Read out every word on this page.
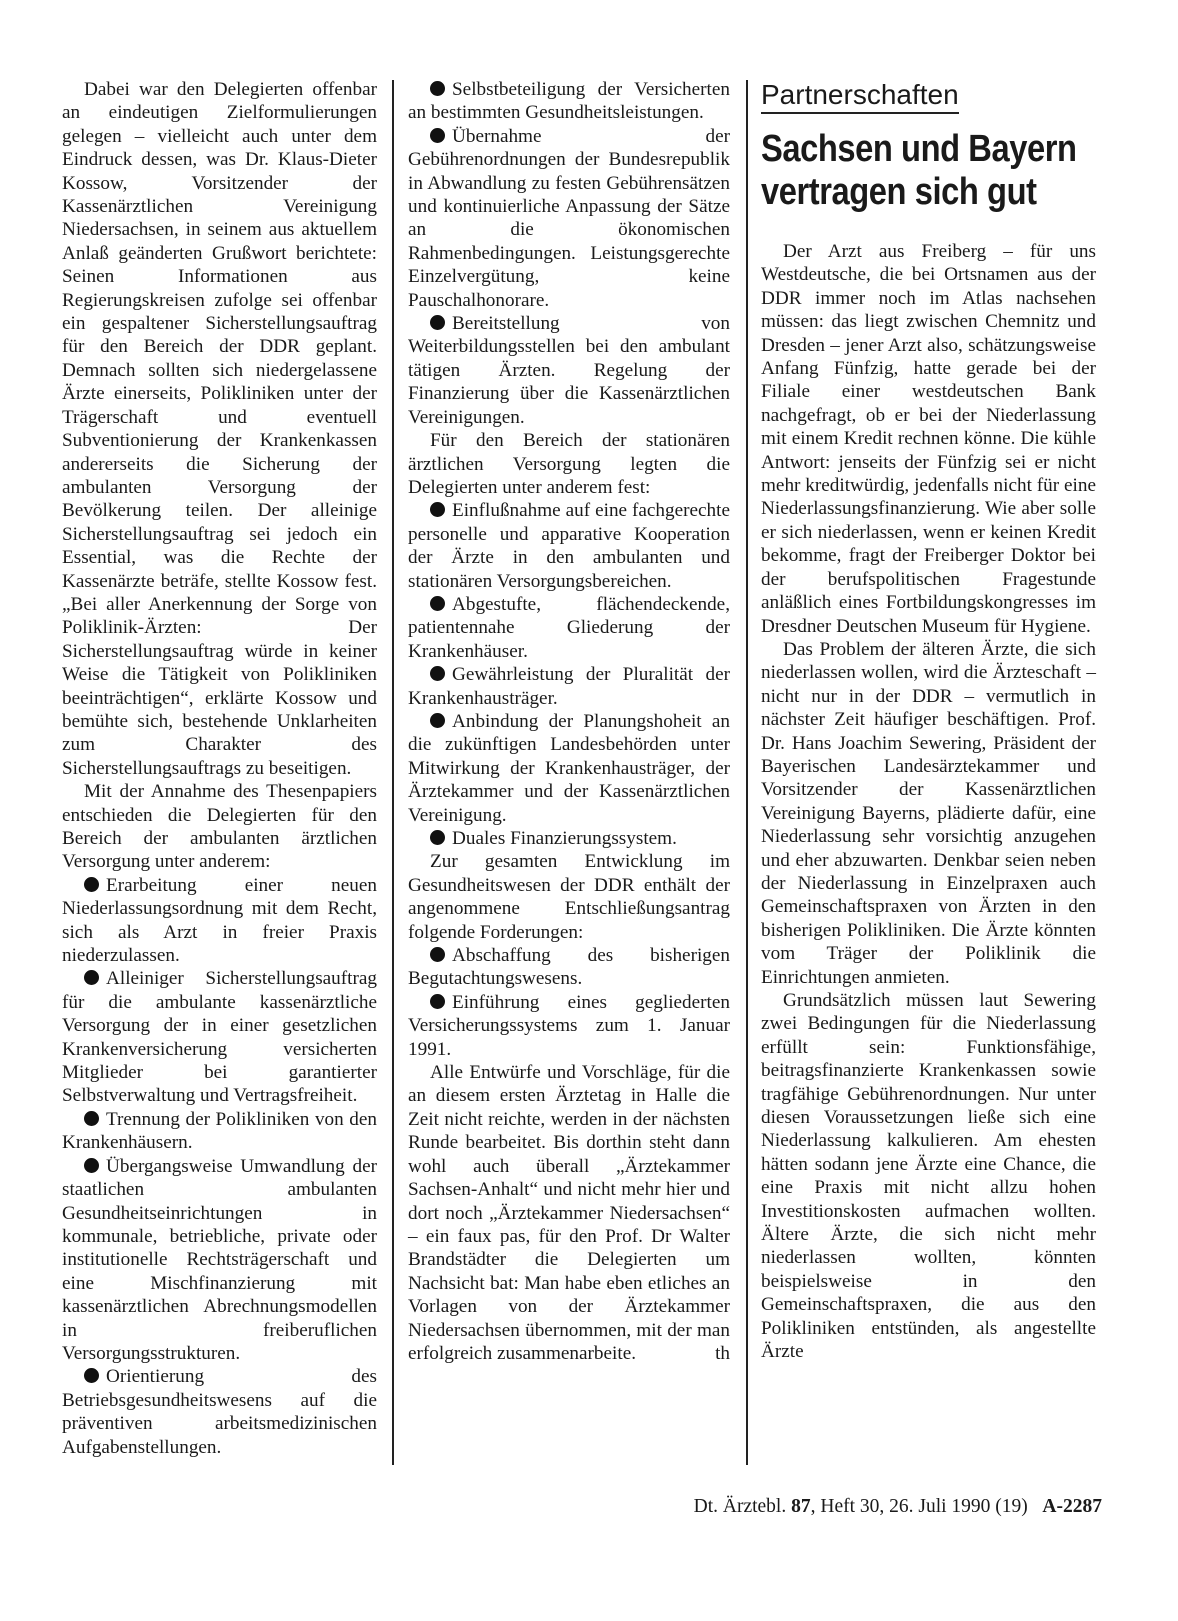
Dabei war den Delegierten offenbar an eindeutigen Zielformulierungen gelegen – vielleicht auch unter dem Eindruck dessen, was Dr. Klaus-Dieter Kossow, Vorsitzender der Kassenärztlichen Vereinigung Niedersachsen, in seinem aus aktuellem Anlaß geänderten Grußwort berichtete: Seinen Informationen aus Regierungskreisen zufolge sei offenbar ein gespaltener Sicherstellungsauftrag für den Bereich der DDR geplant. Demnach sollten sich niedergelassene Ärzte einerseits, Polikliniken unter der Trägerschaft und eventuell Subventionierung der Krankenkassen andererseits die Sicherung der ambulanten Versorgung der Bevölkerung teilen. Der alleinige Sicherstellungsauftrag sei jedoch ein Essential, was die Rechte der Kassenärzte beträfe, stellte Kossow fest. „Bei aller Anerkennung der Sorge von Poliklinik-Ärzten: Der Sicherstellungsauftrag würde in keiner Weise die Tätigkeit von Polikliniken beeinträchtigen“, erklärte Kossow und bemühte sich, bestehende Unklarheiten zum Charakter des Sicherstellungsauftrags zu beseitigen.

Mit der Annahme des Thesenpapiers entschieden die Delegierten für den Bereich der ambulanten ärztlichen Versorgung unter anderem:

Erarbeitung einer neuen Niederlassungsordnung mit dem Recht, sich als Arzt in freier Praxis niederzulassen.

Alleiniger Sicherstellungsauftrag für die ambulante kassenärztliche Versorgung der in einer gesetzlichen Krankenversicherung versicherten Mitglieder bei garantierter Selbstverwaltung und Vertragsfreiheit.

Trennung der Polikliniken von den Krankenhäusern.

Übergangsweise Umwandlung der staatlichen ambulanten Gesundheitseinrichtungen in kommunale, betriebliche, private oder institutionelle Rechtsträgerschaft und eine Mischfinanzierung mit kassenärztlichen Abrechnungsmodellen in freiberuflichen Versorgungsstrukturen.

Orientierung des Betriebsgesundheitswesens auf die präventiven arbeitsmedizinischen Aufgabenstellungen.

Selbstbeteiligung der Versicherten an bestimmten Gesundheitsleistungen.

Übernahme der Gebührenordnungen der Bundesrepublik in Abwandlung zu festen Gebührensätzen und kontinuierliche Anpassung der Sätze an die ökonomischen Rahmenbedingungen. Leistungsgerechte Einzelvergütung, keine Pauschalhonorare.

Bereitstellung von Weiterbildungsstellen bei den ambulant tätigen Ärzten. Regelung der Finanzierung über die Kassenärztlichen Vereinigungen.

Für den Bereich der stationären ärztlichen Versorgung legten die Delegierten unter anderem fest:

Einflußnahme auf eine fachgerechte personelle und apparative Kooperation der Ärzte in den ambulanten und stationären Versorgungsbereichen.

Abgestufte, flächendeckende, patientennahe Gliederung der Krankenhäuser.

Gewährleistung der Pluralität der Krankenhausträger.

Anbindung der Planungshoheit an die zukünftigen Landesbehörden unter Mitwirkung der Krankenhausträger, der Ärztekammer und der Kassenärztlichen Vereinigung.

Duales Finanzierungssystem.

Zur gesamten Entwicklung im Gesundheitswesen der DDR enthält der angenommene Entschließungsantrag folgende Forderungen:

Abschaffung des bisherigen Begutachtungswesens.

Einführung eines gegliederten Versicherungssystems zum 1. Januar 1991.

Alle Entwürfe und Vorschläge, für die an diesem ersten Ärztetag in Halle die Zeit nicht reichte, werden in der nächsten Runde bearbeitet. Bis dorthin steht dann wohl auch überall „Ärztekammer Sachsen-Anhalt“ und nicht mehr hier und dort noch „Ärztekammer Niedersachsen“ – ein faux pas, für den Prof. Dr Walter Brandstädter die Delegierten um Nachsicht bat: Man habe eben etliches an Vorlagen von der Ärztekammer Niedersachsen übernommen, mit der man erfolgreich zusammenarbeite.	th

Partnerschaften
Sachsen und Bayern vertragen sich gut

Der Arzt aus Freiberg – für uns Westdeutsche, die bei Ortsnamen aus der DDR immer noch im Atlas nachsehen müssen: das liegt zwischen Chemnitz und Dresden – jener Arzt also, schätzungsweise Anfang Fünfzig, hatte gerade bei der Filiale einer westdeutschen Bank nachgefragt, ob er bei der Niederlassung mit einem Kredit rechnen könne. Die kühle Antwort: jenseits der Fünfzig sei er nicht mehr kreditwürdig, jedenfalls nicht für eine Niederlassungsfinanzierung. Wie aber solle er sich niederlassen, wenn er keinen Kredit bekomme, fragt der Freiberger Doktor bei der berufspolitischen Fragestunde anläßlich eines Fortbildungskongresses im Dresdner Deutschen Museum für Hygiene.

Das Problem der älteren Ärzte, die sich niederlassen wollen, wird die Ärzteschaft – nicht nur in der DDR – vermutlich in nächster Zeit häufiger beschäftigen. Prof. Dr. Hans Joachim Sewering, Präsident der Bayerischen Landesärztekammer und Vorsitzender der Kassenärztlichen Vereinigung Bayerns, plädierte dafür, eine Niederlassung sehr vorsichtig anzugehen und eher abzuwarten. Denkbar seien neben der Niederlassung in Einzelpraxen auch Gemeinschaftspraxen von Ärzten in den bisherigen Polikliniken. Die Ärzte könnten vom Träger der Poliklinik die Einrichtungen anmieten.

Grundsätzlich müssen laut Sewering zwei Bedingungen für die Niederlassung erfüllt sein: Funktionsfähige, beitragsfinanzierte Krankenkassen sowie tragfähige Gebührenordnungen. Nur unter diesen Voraussetzungen ließe sich eine Niederlassung kalkulieren. Am ehesten hätten sodann jene Ärzte eine Chance, die eine Praxis mit nicht allzu hohen Investitionskosten aufmachen wollten. Ältere Ärzte, die sich nicht mehr niederlassen wollten, könnten beispielsweise in den Gemeinschaftspraxen, die aus den Polikliniken entstünden, als angestellte Ärzte

Dt. Ärztebl. 87, Heft 30, 26. Juli 1990 (19) A-2287
